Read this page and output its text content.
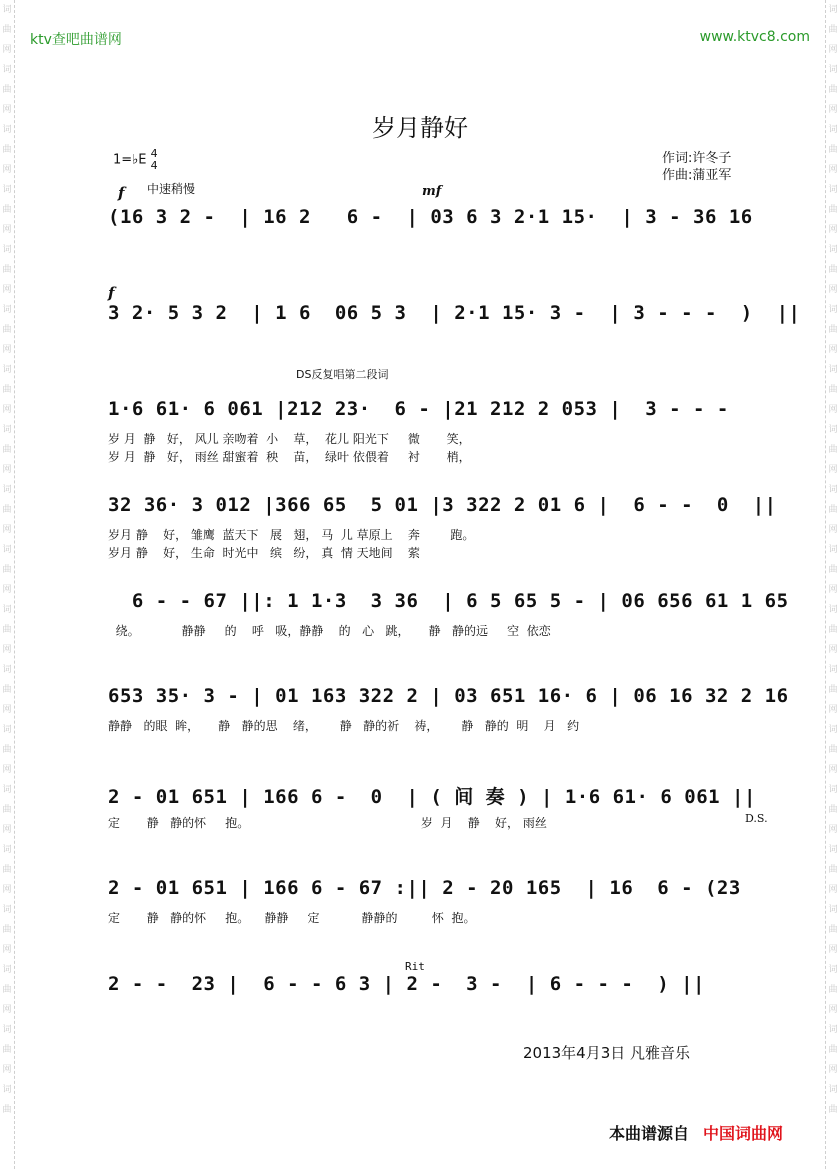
词
曲
网
词
曲
网
词
曲
网
词
曲
网
词
曲
网
词
曲
网
词
曲
网
词
曲
网
词
曲
网
词
曲
网
词
曲
网
词
曲
网
词
曲
网
词
曲
网
词
曲
网
词
曲
网
词
曲
网
词
曲
网
词
曲
词
曲
网
词
曲
网
词
曲
网
词
曲
网
词
曲
网
词
曲
网
词
曲
网
词
曲
网
词
曲
网
词
曲
网
词
曲
网
词
曲
网
词
曲
网
词
曲
网
词
曲
网
词
曲
网
词
曲
网
词
曲
网
词
曲
ktv查吧曲谱网	www.ktvc8.com
岁月静好
1=♭E 4
4	作词:许冬子
作曲:蒲亚军
f 中速稍慢	mf
f
(16 3 2 -  | 16 2   6 -  | 03 6 3 2·1 15·  | 3 - 36 16
3 2· 5 3 2  | 1 6  06 5 3  | 2·1 15· 3 -  | 3 - - -  )  ||
DS反复唱第二段词
1·6 61· 6 061 |212 23·  6 - |21 212 2 053 |  3 - - -
岁 月  静   好， 风儿 亲吻着  小    草，  花儿 阳光下     微       笑，
岁 月  静   好， 雨丝 甜蜜着  秧    苗，  绿叶 依偎着     衬       梢，
32 36· 3 012 |366 65  5 01 |3 322 2 01 6 |  6 - -  0  ||
岁月 静    好， 雏鹰  蓝天下   展   翅， 马  儿 草原上    奔        跑。
岁月 静    好， 生命  时光中   缤   纷， 真  情 天地间    萦
6 - - 67 ||: 1 1·3  3 36  | 6 5 65 5 - | 06 656 61 1 65
绕。           静静     的    呼   吸，静静    的   心   跳，     静   静的远     空  依恋
653 35· 3 - | 01 163 322 2 | 03 651 16· 6 | 06 16 32 2 16
静静   的眼  眸，     静   静的思    绪，      静   静的祈    祷，      静   静的  明    月   约
2 - 01 651 | 166 6 -  0  | ( 间 奏 ) | 1·6 61· 6 061 ||
定       静   静的怀     抱。                                             岁  月    静    好， 雨丝	D.S.
2 - 01 651 | 166 6 - 67 :|| 2 - 20 165  | 16  6 - (23
定       静   静的怀     抱。    静静     定           静静的         怀  抱。
Rit
2 - -  23 |  6 - - 6 3 | 2 -  3 -  | 6 - - -  ) ||
2013年4月3日 凡雅音乐
本曲谱源自 中国词曲网
